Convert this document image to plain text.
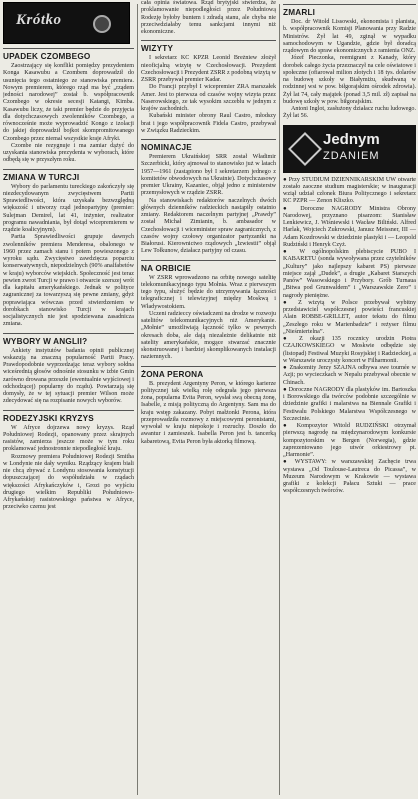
Krótko
UPADEK CZOMBEGO

Zaostrzający się konflikt pomiędzy prezydentem Konga Kasawubu a Czombem doprowadził do usunięcia tego ostatniego ze stanowiska premiera. Nowym premierem, którego rząd ma być „rządem jedności narodowej” został b. współpracownik Czombego w okresie secesji Katangi, Kimba. Kasawubu liczy, że taki premier będzie do przyjęcia dla dotychczasowych zwolenników Czombego, a równocześnie może wyprowadzić Kongo z izolacji do jakiej doprowadził bojkot skompromitowanego Czombego przez niemal wszystkie kraje Afryki.

Czombe nie rezygnuje i ma zamiar dążyć do uzyskania stanowiska prezydenta w wyborach, które odbędą się w przyszłym roku.

ZMIANA W TURCJI

Wybory do parlamentu tureckiego zakończyły się niezdecydowanym zwycięstwem Partii Sprawiedliwości, która uzyskała bezwzględną większość i utworzy rząd jednopartyjny (premier: Sulejman Demirel, lat 41, inżynier, realizator programu nawadniania, był dotąd wicepremierem w rządzie koalicyjnym).

Partia Sprawiedliwości grupuje dawnych zwolenników premiera Menderesa, obalonego w 1960 przez zamach stanu i potem powieszonego z wyroku sądu. Zwycięstwo zawdzięcza poparciu konserwatywnych, niepodzielnych (90% analfabetów w kraju) wyborców wiejskich. Społeczność jest teraz pewien zwrot Turcji w prawo i otwarcie szerszej wrót dla kapitału amerykańskiego. Jednak w polityce zagranicznej za towarzyszą się pewne zmiany, gdyż poprawiająca wówczas przed stwierdzeniem w dorobkach stanowisko Turcji w krajach socjalistycznych nie jest spodziewana zasadnicza zmiana.

WYBORY W ANGLII?

Ankiety instytutów badania opinii publicznej wskazują na znaczną popularność Partii Pracy. Prawdopodobnie wyprzedzając teraz wybory sołdna wiceśrednią głosów odnośnie stosunku w izbie Gmin zarówno drowana przeszłe (ewentualnie wyjściowej i odchodzącej) popularny do rządu). Powtarzają się domysły, że w tej sytuacji premier Wilson może zdecydować się na rozpisanie nowych wyborów.

RODEZYJSKI KRYZYS

W Afryce dojrzewa nowy kryzys. Rząd Południowej Rodezji, opanowany przez skrajnych rasistów, zamierza jeszcze może w tym roku proklamować jednostronnie niepodległość kraju.

Rozmowy premiera Południowej Rodezji Smitha w Londynie nie dały wyniku. Rządzący krajem biali nie chcą zbywać z Londynu stosowania konstytucji dopuszczającej do współudziału w rządach większości Afrykańczyków i, Grozi po wyjściu drugiego wielkim Republiki Południowo-Afrykańskiej rasistowskiego państwa w Afryce, przeciwko czemu jest

cała opinia światowa. Rząd brytyjski stwierdza, że proklamowanie niepodległości przez Południową Rodezję byłoby buntem i zdradą stanu, ale chyba nie przeciwdziałaby temu sankcjami innymi niż ekonomiczne.

WIZYTY

I sekretarz KC KPZR Leonid Breżniew złożył nieoficjalną wizytę w Czechosłowacji. Prezydent Czechosłowacji i Prezydent ZSRR z podobną wizytą w ZSRR przebywał premier Kadar.

Do Francji przybył I wicepremier ZRA marszałek Amer. Jest to pierwsza od czasów wojny wizyta przez Naserowskiego, ze tak wysokim szczeblu w jednym z krajów zachodnich.

Kubański minister obrony Raul Castro, młodszy brat i jego współpracownik Fidela Castro, przebywał w Związku Radzieckim.

NOMINACJE

Premierem Ukraińskiej SRR został Władimir Szczerbicki, który ajmował to stanowisko już w latach 1957—1961 (zastąpiono był I sekretarzem jednego z komitetów obwodowych na Ukrainie). Dotychczasowy premier Ukrainy, Kazaniec, objął jedno z ministerstw przemysłowych w rządzie ZSRR.

Na stanowiskach redaktorów naczelnych dwóch głównych dzienników radzieckich nastąpiły ostatnio zmiany. Redaktorem naczelnym partyjnej „Prawdy” został Michał Zimianin, b. ambasador w Czechosłowacji i wiceminister spraw zagranicznych, z czasów wojny czołowy organizator partyzantki na Białorusi. Kierownictwo rządowych „Izwiestii” objął Lew Tołkunow, działacz partyjny od czasu.

NA ORBICIE

W ZSRR wprowadzono na orbitę nowego satelitę telekomunikacyjnego typu Mołnia. Wraz z pierwszym tego typu, służyć będzie do utrzymywania łączności telegraficznej i telewizyjnej między Moskwą i Władywostokiem.

Uczeni radzieccy oświadczeni na drodze w rozwoju satelitów telekomunikacyjnych niż Amerykanie. „Mołnie” umożliwiają łączność tylko w pewnych okresach doba, ale dają niezależnie delikatnie niż satelity amerykańskie, mogące stwarzać znacznie skonstruowanej i bardziej skomplikowanych instalacji naziemnych.

ŻONA PERONA

B. prezydent Argentyny Peron, w którego karierze politycznej tak wielką rolę odegrała jego pierwsza żona, popularna Evita Peron, wysłał swą obecną żonę, Isabelle, z misją polityczną do Argentyny. Sam ma do kraju wstęp zakazany. Pobyt małżonki Perona, która przeprowadziła rozmowy z miejscowymi peronistami, wywołał w kraju niepokoje i rozruchy. Doszło do awantur i zamieszek. Isabella Peron jest b. tancerką kabaretową, Evita Peron była aktorką filmową.

ZMARLI

Doc. dr Witold Lissowski, ekonomista i planista, b. współpracownik Komisji Planowania przy Radzie Ministrów. Żył lat 49, zginął w wypadku samochodowym w Ugandzie, gdzie był doradcą rządowym do spraw ekonomicznych z ramienia ONZ.

Józef Pieczonka, reemigrant z Kanady, który dorobek całego życia przeznaczył na cele oświatowe i społeczne (ofiarował milion złotych i 18 tys. dolarów na budowę szkoły w Białymiżu, skudwaną w rodzinnej wsi w pow. biłgorajskim ośrodek zdrowia). Żył lat 74, cały majątek (ponad 3,5 mil. zł) zapisał na budowę szkoły w pow. biłgorajskim.

Antoni Inglot, zasłużony działacz ruchu ludowego. Żył lat 56.

Jednym
ZDANIEM

● Przy STUDIUM DZIENNIKARSKIM UW otwarte zostało zaoczne studium magisterskie; w inauguracji wziął udział członek Biura Politycznego i sekretarz KC PZPR — Zenon Kliszko.

● Doroczne NAGRODY Ministra Obrony Narodowej, przyznano pisarzom: Stanisław Lenkiewicz, J. Wiśniewski i Wacław Biliński. Alfred Harlak, Wojciech Zukrowski, Janusz Meissner, III — Adam Kozdrowski w dziedzinie plastyki i — Leopold Rudziński i Henryk Czyż.

● W ogólnopolskim plebiscycie PUBO I KABARETU (sonda wywoływana przez czytelników „Kultury” jako najlepszy kabaret PS) pierwsze miejsce zajął „Dudek”, a drugie „Kabaret Starszych Panów” Wasowskiego i Przybory. Grób Turnaua „Bitwa pod Grunwaldem” i „Warszawskie Zero” i nagrody pieniężne.

● Z wizytą w Polsce przebywał wybitny przedstawiciel współczesnej powieści francuskiej Alain ROBBE-GRILLET, autor tekstu do filmu „Zeszłego roku w Marienbadzie” i reżyser filmu „Nieśmiertelna”.

● Z okazji 135 rocznicy urodzin Piotra CZAJKOWSKIEGO w Moskwie odbędzie się (listopad) Festiwal Muzyki Rosyjskiej i Radzieckiej, a w Warszawie uroczysty koncert w Filharmonii.

● Znakomity Jerzy SZAJNA odbywa swe tournée w Azji; po wycieczkach w Nepalu przebywał obecnie w Chinach.

● Doroczne NAGRODY dla plastyków im. Bartoszka i Borowskiego dla twórców podobnie szczególnie w dziedzinie grafiki i malarstwa na Biennale Grafiki i Festiwalu Polskiego Malarstwa Współczesnego w Szczecinie.

● Kompozytor Witold RUDZIŃSKI otrzymał pierwszą nagrodę na międzynarodowym konkursie kompozytorskim w Bergen (Norwegia), gdzie zaprezentowano jego utwór orkiestrowy pt. „Harmonie”.

● WYSTAWY: w warszawskiej Zachęcie trwa wystawa „Od Toulouse-Lautreca do Picassa”, w Muzeum Narodowym w Krakowie — wystawa grafiki z kolekcji Pałacu Sztuki — prace współczesnych twórców.
